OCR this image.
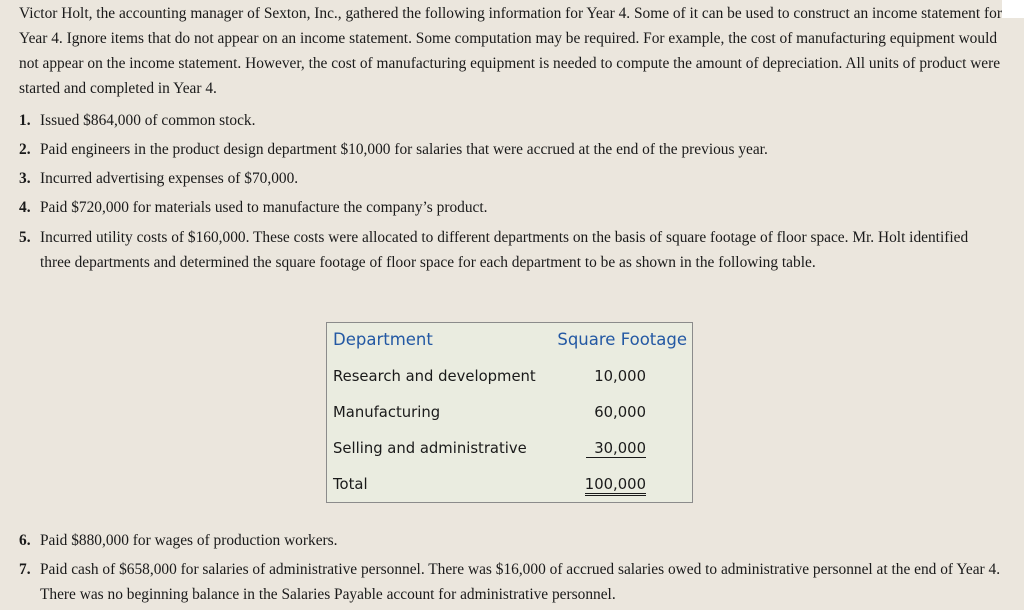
Victor Holt, the accounting manager of Sexton, Inc., gathered the following information for Year 4. Some of it can be used to construct an income statement for Year 4. Ignore items that do not appear on an income statement. Some computation may be required. For example, the cost of manufacturing equipment would not appear on the income statement. However, the cost of manufacturing equipment is needed to compute the amount of depreciation. All units of product were started and completed in Year 4.

1. Issued $864,000 of common stock.
2. Paid engineers in the product design department $10,000 for salaries that were accrued at the end of the previous year.
3. Incurred advertising expenses of $70,000.
4. Paid $720,000 for materials used to manufacture the company’s product.
5. Incurred utility costs of $160,000. These costs were allocated to different departments on the basis of square footage of floor space. Mr. Holt identified three departments and determined the square footage of floor space for each department to be as shown in the following table.
Department	Square Footage
Research and development	10,000
Manufacturing	60,000
Selling and administrative	30,000
Total	100,000
6. Paid $880,000 for wages of production workers.
7. Paid cash of $658,000 for salaries of administrative personnel. There was $16,000 of accrued salaries owed to administrative personnel at the end of Year 4. There was no beginning balance in the Salaries Payable account for administrative personnel.
